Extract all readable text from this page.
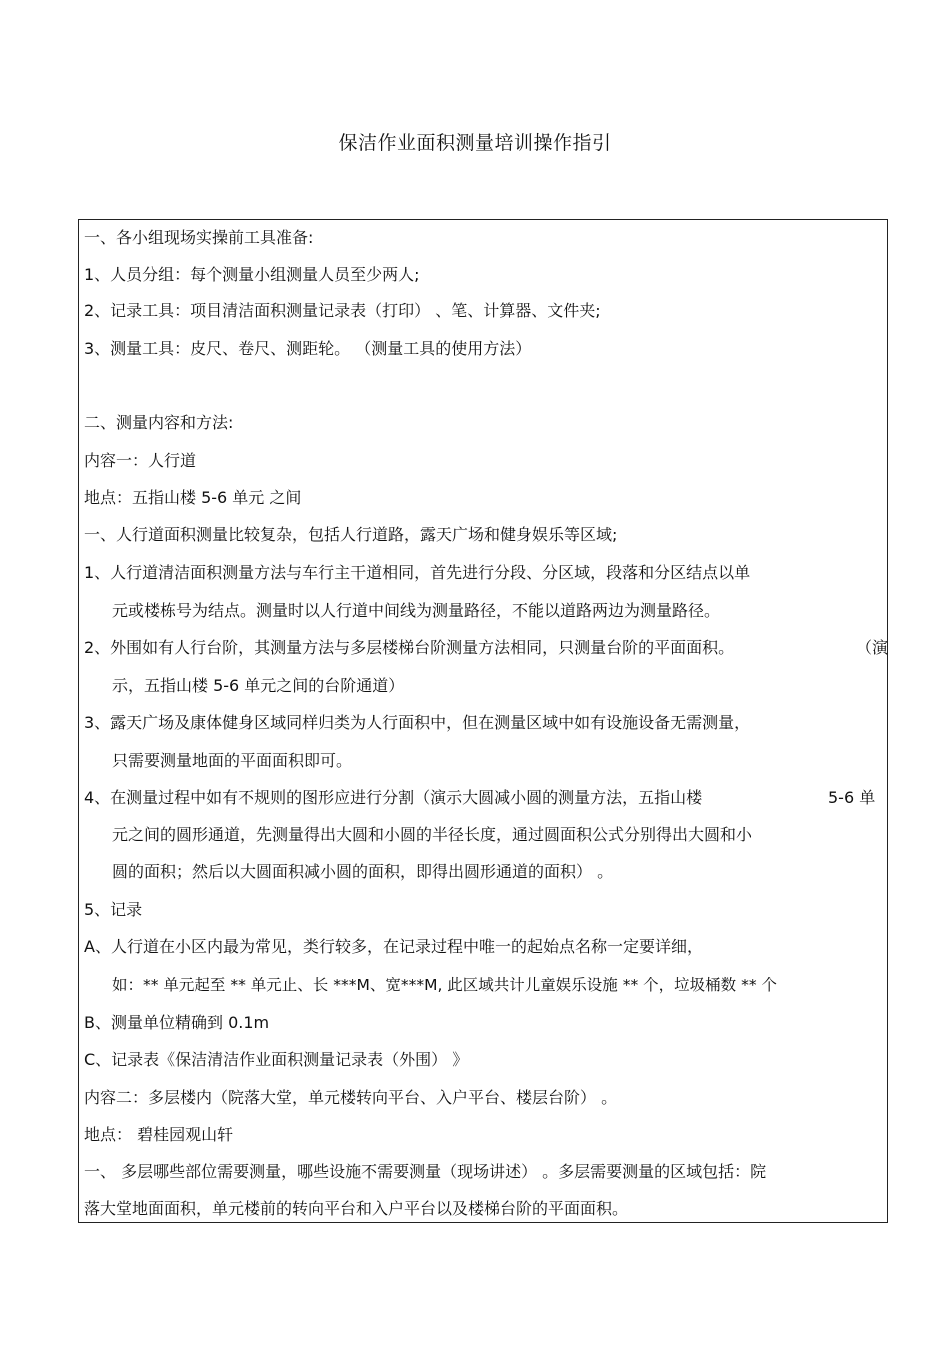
保洁作业面积测量培训操作指引
一、各小组现场实操前工具准备:
1、人员分组：每个测量小组测量人员至少两人;
2、记录工具：项目清洁面积测量记录表（打印） 、笔、计算器、文件夹;
3、测量工具：皮尺、卷尺、测距轮。 （测量工具的使用方法）
二、测量内容和方法:
内容一：人行道
地点：五指山楼 5-6 单元 之间
一、人行道面积测量比较复杂，包括人行道路，露天广场和健身娱乐等区域;
1、人行道清洁面积测量方法与车行主干道相同，首先进行分段、分区域，段落和分区结点以单
元或楼栋号为结点。测量时以人行道中间线为测量路径，不能以道路两边为测量路径。
2、外围如有人行台阶，其测量方法与多层楼梯台阶测量方法相同，只测量台阶的平面面积。	（演
示，五指山楼 5-6 单元之间的台阶通道）
3、露天广场及康体健身区域同样归类为人行面积中，但在测量区域中如有设施设备无需测量，
只需要测量地面的平面面积即可。
4、在测量过程中如有不规则的图形应进行分割（演示大圆减小圆的测量方法，五指山楼	5-6 单
元之间的圆形通道，先测量得出大圆和小圆的半径长度，通过圆面积公式分别得出大圆和小
圆的面积；然后以大圆面积减小圆的面积，即得出圆形通道的面积） 。
5、记录
A、人行道在小区内最为常见，类行较多，在记录过程中唯一的起始点名称一定要详细，
如：** 单元起至 ** 单元止、长 ***M、宽***M, 此区域共计儿童娱乐设施 ** 个，垃圾桶数 ** 个
B、测量单位精确到 0.1m
C、记录表《保洁清洁作业面积测量记录表（外围） 》
内容二：多层楼内（院落大堂，单元楼转向平台、入户平台、楼层台阶） 。
地点： 碧桂园观山轩
一、 多层哪些部位需要测量，哪些设施不需要测量（现场讲述） 。多层需要测量的区域包括：院
落大堂地面面积，单元楼前的转向平台和入户平台以及楼梯台阶的平面面积。
